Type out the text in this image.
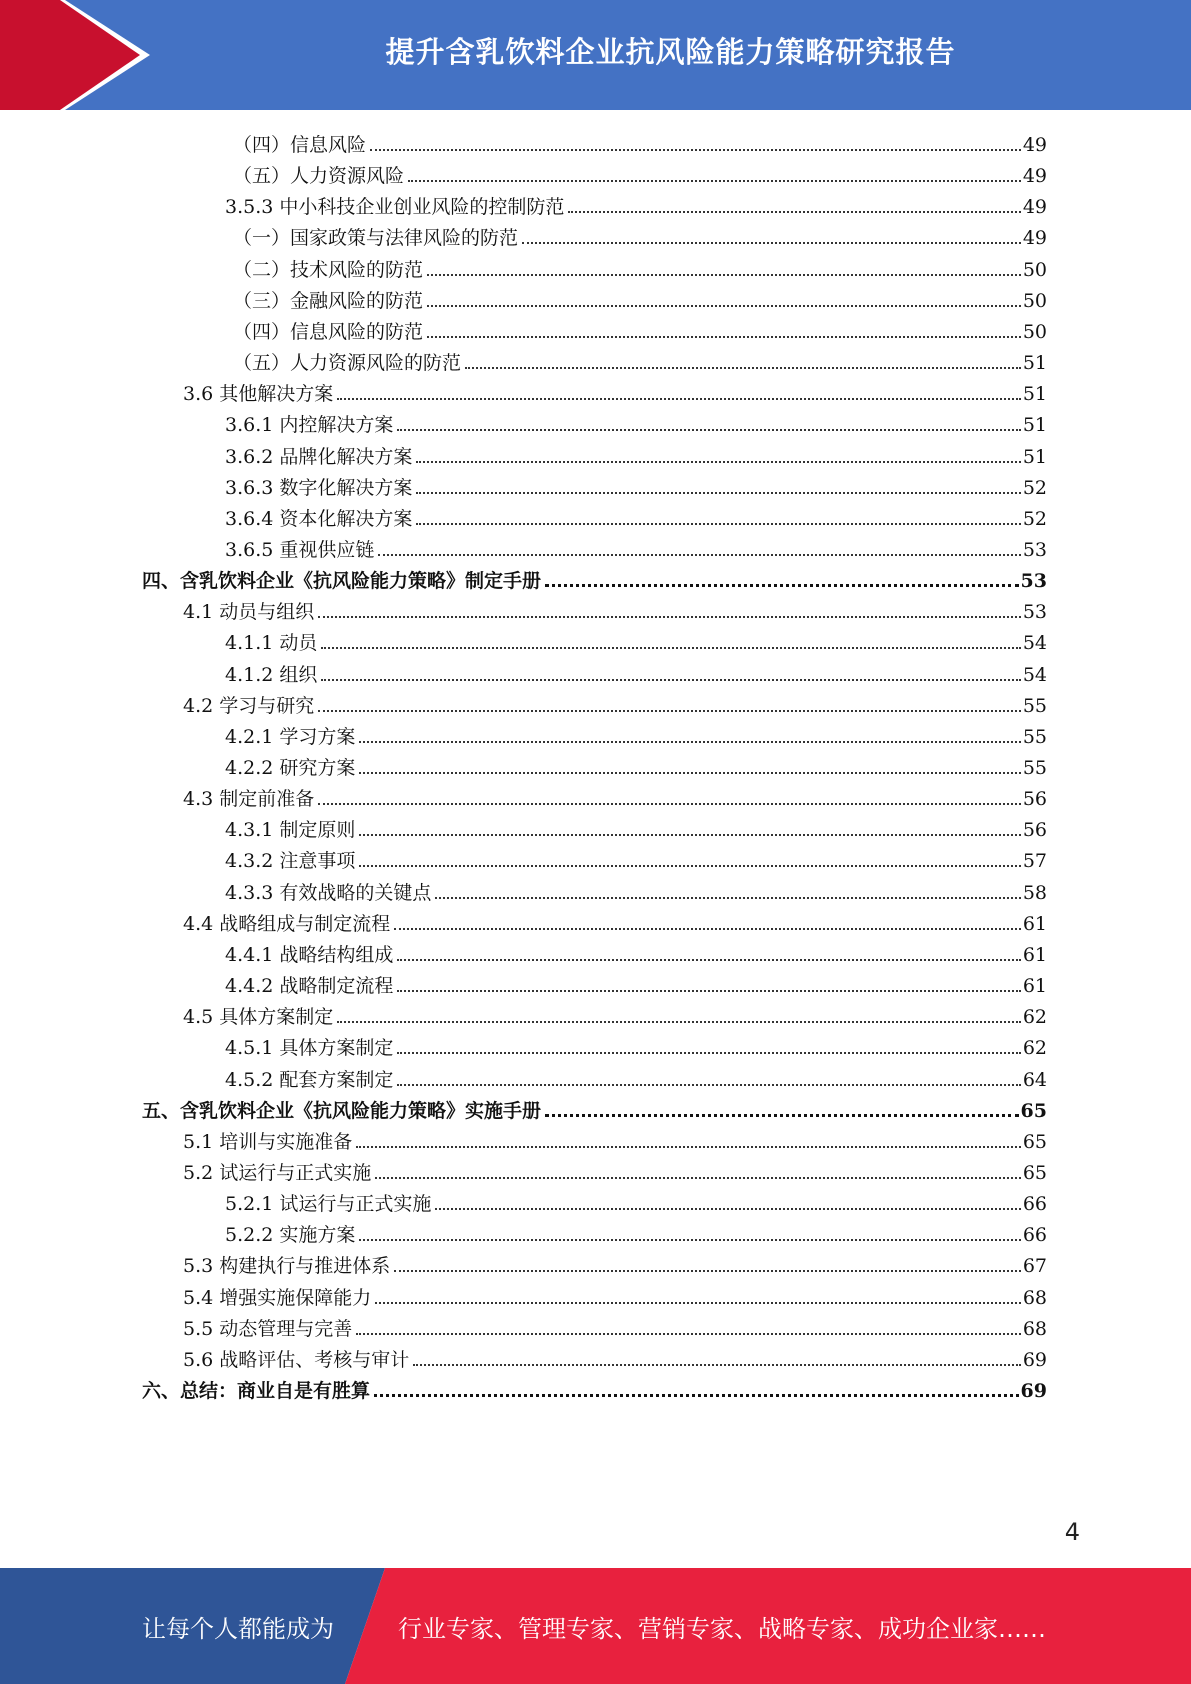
提升含乳饮料企业抗风险能力策略研究报告
（四）信息风险	49
（五）人力资源风险	49
3.5.3 中小科技企业创业风险的控制防范	49
（一）国家政策与法律风险的防范	49
（二）技术风险的防范	50
（三）金融风险的防范	50
（四）信息风险的防范	50
（五）人力资源风险的防范	51
3.6 其他解决方案	51
3.6.1 内控解决方案	51
3.6.2 品牌化解决方案	51
3.6.3 数字化解决方案	52
3.6.4 资本化解决方案	52
3.6.5 重视供应链	53
四、含乳饮料企业《抗风险能力策略》制定手册	53
4.1 动员与组织	53
4.1.1 动员	54
4.1.2 组织	54
4.2 学习与研究	55
4.2.1 学习方案	55
4.2.2 研究方案	55
4.3 制定前准备	56
4.3.1 制定原则	56
4.3.2 注意事项	57
4.3.3 有效战略的关键点	58
4.4 战略组成与制定流程	61
4.4.1 战略结构组成	61
4.4.2 战略制定流程	61
4.5 具体方案制定	62
4.5.1 具体方案制定	62
4.5.2 配套方案制定	64
五、含乳饮料企业《抗风险能力策略》实施手册	65
5.1 培训与实施准备	65
5.2 试运行与正式实施	65
5.2.1 试运行与正式实施	66
5.2.2 实施方案	66
5.3 构建执行与推进体系	67
5.4 增强实施保障能力	68
5.5 动态管理与完善	68
5.6 战略评估、考核与审计	69
六、总结：商业自是有胜算	69
4
让每个人都能成为	行业专家、管理专家、营销专家、战略专家、成功企业家……
